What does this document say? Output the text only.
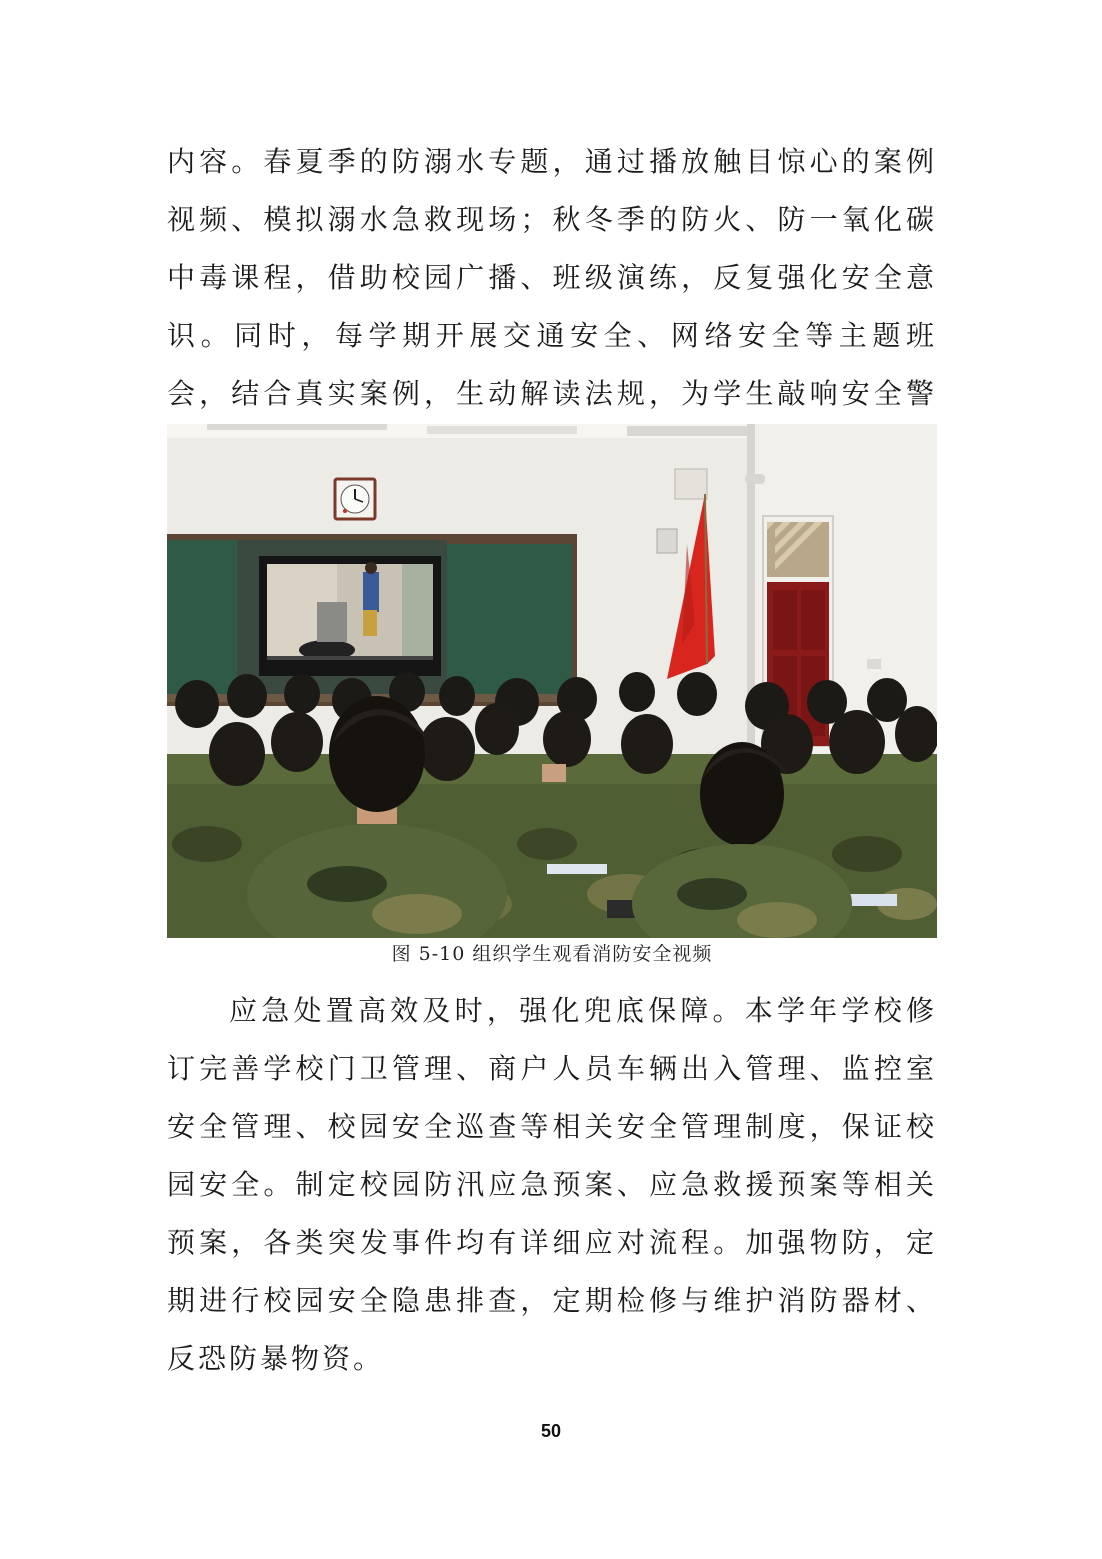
内容。春夏季的防溺水专题，通过播放触目惊心的案例视频、模拟溺水急救现场；秋冬季的防火、防一氧化碳中毒课程，借助校园广播、班级演练，反复强化安全意识。同时，每学期开展交通安全、网络安全等主题班会，结合真实案例，生动解读法规，为学生敲响安全警

图 5-10 组织学生观看消防安全视频

应急处置高效及时，强化兜底保障。本学年学校修订完善学校门卫管理、商户人员车辆出入管理、监控室安全管理、校园安全巡查等相关安全管理制度，保证校园安全。制定校园防汛应急预案、应急救援预案等相关预案，各类突发事件均有详细应对流程。加强物防，定期进行校园安全隐患排查，定期检修与维护消防器材、反恐防暴物资。

50
